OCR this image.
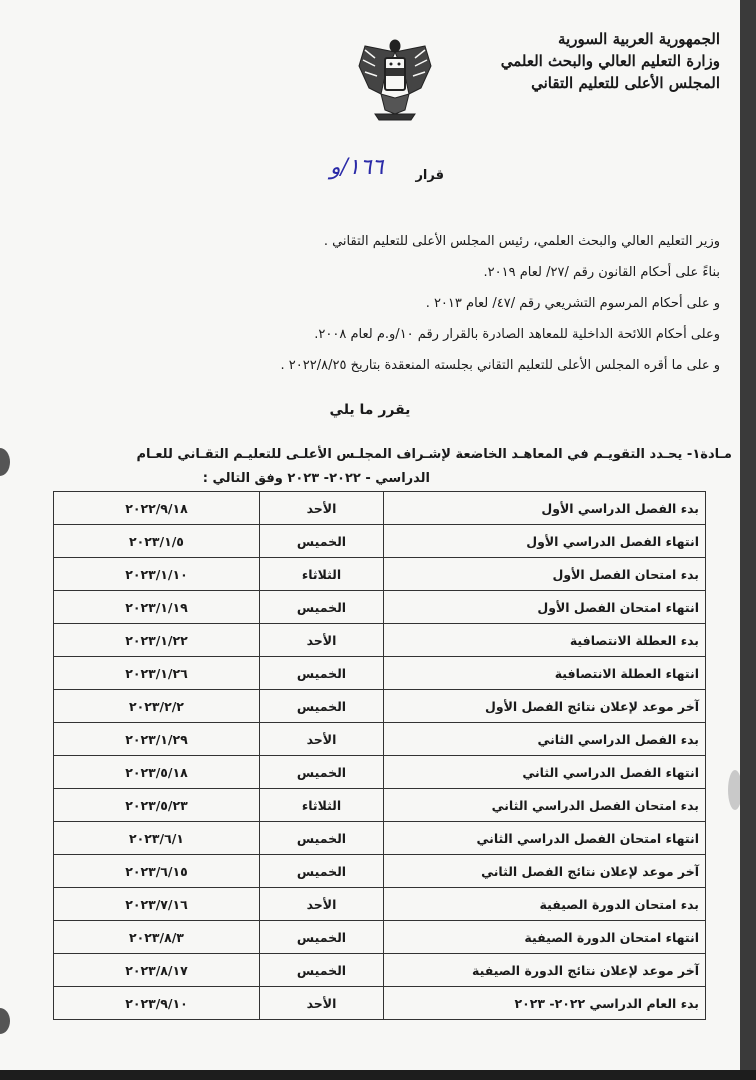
الجمهورية العربية السورية
وزارة التعليم العالي والبحث العلمي
المجلس الأعلى للتعليم التقاني
قرار
١٦٦/و

وزير التعليم العالي والبحث العلمي، رئيس المجلس الأعلى للتعليم التقاني .

بناءً على أحكام القانون رقم /٢٧/ لعام ٢٠١٩.

و على أحكام المرسوم التشريعي رقم /٤٧/ لعام ٢٠١٣ .

وعلى أحكام اللائحة الداخلية للمعاهد الصادرة بالقرار رقم ١٠/و.م لعام ٢٠٠٨.

و على ما أقره المجلس الأعلى للتعليم التقاني بجلسته المنعقدة بتاريخ ٢٠٢٢/٨/٢٥ .

يقرر ما يلي
مـادة١- يحـدد التقويـم في المعاهـد الخاضعة لإشـراف المجلـس الأعلـى للتعليـم التقـاني للعـام
الدراسي - ٢٠٢٢- ٢٠٢٣ وفق التالي :
بدء الفصل الدراسي الأول	الأحد	٢٠٢٢/٩/١٨
انتهاء الفصل الدراسي الأول	الخميس	٢٠٢٣/١/٥
بدء امتحان الفصل الأول	الثلاثاء	٢٠٢٣/١/١٠
انتهاء امتحان الفصل الأول	الخميس	٢٠٢٣/١/١٩
بدء العطلة الانتصافية	الأحد	٢٠٢٣/١/٢٢
انتهاء العطلة الانتصافية	الخميس	٢٠٢٣/١/٢٦
آخر موعد لإعلان نتائج الفصل الأول	الخميس	٢٠٢٣/٢/٢
بدء الفصل الدراسي الثاني	الأحد	٢٠٢٣/١/٢٩
انتهاء الفصل الدراسي الثاني	الخميس	٢٠٢٣/٥/١٨
بدء امتحان الفصل الدراسي الثاني	الثلاثاء	٢٠٢٣/٥/٢٣
انتهاء امتحان الفصل الدراسي الثاني	الخميس	٢٠٢٣/٦/١
آخر موعد لإعلان نتائج الفصل الثاني	الخميس	٢٠٢٣/٦/١٥
بدء امتحان الدورة الصيفية	الأحد	٢٠٢٣/٧/١٦
انتهاء امتحان الدورة الصيفية	الخميس	٢٠٢٣/٨/٣
آخر موعد لإعلان نتائج الدورة الصيفية	الخميس	٢٠٢٣/٨/١٧
بدء العام الدراسي ٢٠٢٢- ٢٠٢٣	الأحد	٢٠٢٣/٩/١٠
